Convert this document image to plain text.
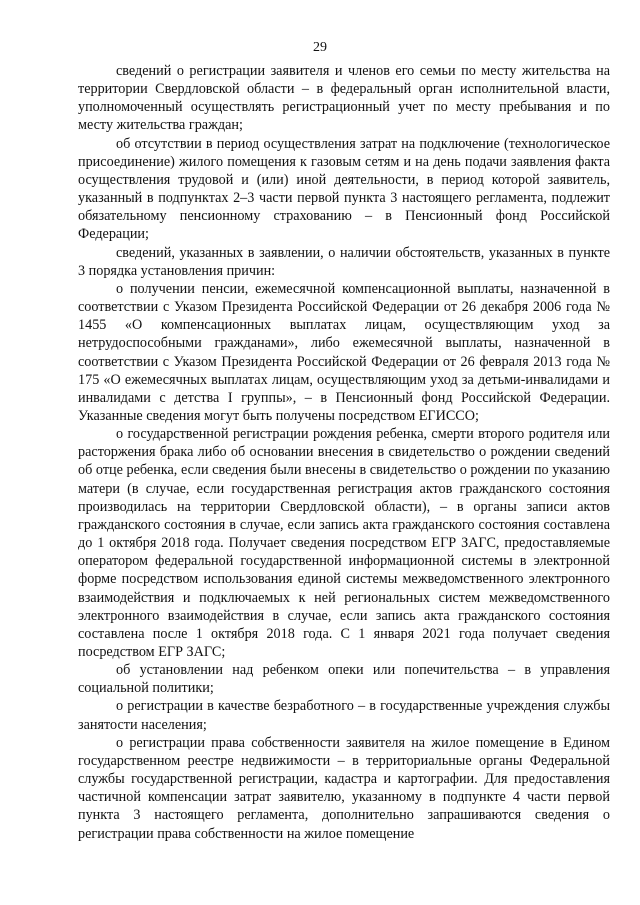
29

сведений о регистрации заявителя и членов его семьи по месту жительства на территории Свердловской области – в федеральный орган исполнительной власти, уполномоченный осуществлять регистрационный учет по месту пребывания и по месту жительства граждан;

об отсутствии в период осуществления затрат на подключение (технологическое присоединение) жилого помещения к газовым сетям и на день подачи заявления факта осуществления трудовой и (или) иной деятельности, в период которой заявитель, указанный в подпунктах 2–3 части первой пункта 3 настоящего регламента, подлежит обязательному пенсионному страхованию – в Пенсионный фонд Российской Федерации;

сведений, указанных в заявлении, о наличии обстоятельств, указанных в пункте 3 порядка установления причин:

о получении пенсии, ежемесячной компенсационной выплаты, назначенной в соответствии с Указом Президента Российской Федерации от 26 декабря 2006 года № 1455 «О компенсационных выплатах лицам, осуществляющим уход за нетрудоспособными гражданами», либо ежемесячной выплаты, назначенной в соответствии с Указом Президента Российской Федерации от 26 февраля 2013 года № 175 «О ежемесячных выплатах лицам, осуществляющим уход за детьми-инвалидами и инвалидами с детства I группы», – в Пенсионный фонд Российской Федерации. Указанные сведения могут быть получены посредством ЕГИССО;

о государственной регистрации рождения ребенка, смерти второго родителя или расторжения брака либо об основании внесения в свидетельство о рождении сведений об отце ребенка, если сведения были внесены в свидетельство о рождении по указанию матери (в случае, если государственная регистрация актов гражданского состояния производилась на территории Свердловской области), – в органы записи актов гражданского состояния в случае, если запись акта гражданского состояния составлена до 1 октября 2018 года. Получает сведения посредством ЕГР ЗАГС, предоставляемые оператором федеральной государственной информационной системы в электронной форме посредством использования единой системы межведомственного электронного взаимодействия и подключаемых к ней региональных систем межведомственного электронного взаимодействия в случае, если запись акта гражданского состояния составлена после 1 октября 2018 года. С 1 января 2021 года получает сведения посредством ЕГР ЗАГС;

об установлении над ребенком опеки или попечительства – в управления социальной политики;

о регистрации в качестве безработного – в государственные учреждения службы занятости населения;

о регистрации права собственности заявителя на жилое помещение в Едином государственном реестре недвижимости – в территориальные органы Федеральной службы государственной регистрации, кадастра и картографии. Для предоставления частичной компенсации затрат заявителю, указанному в подпункте 4 части первой пункта 3 настоящего регламента, дополнительно запрашиваются сведения о регистрации права собственности на жилое помещение
